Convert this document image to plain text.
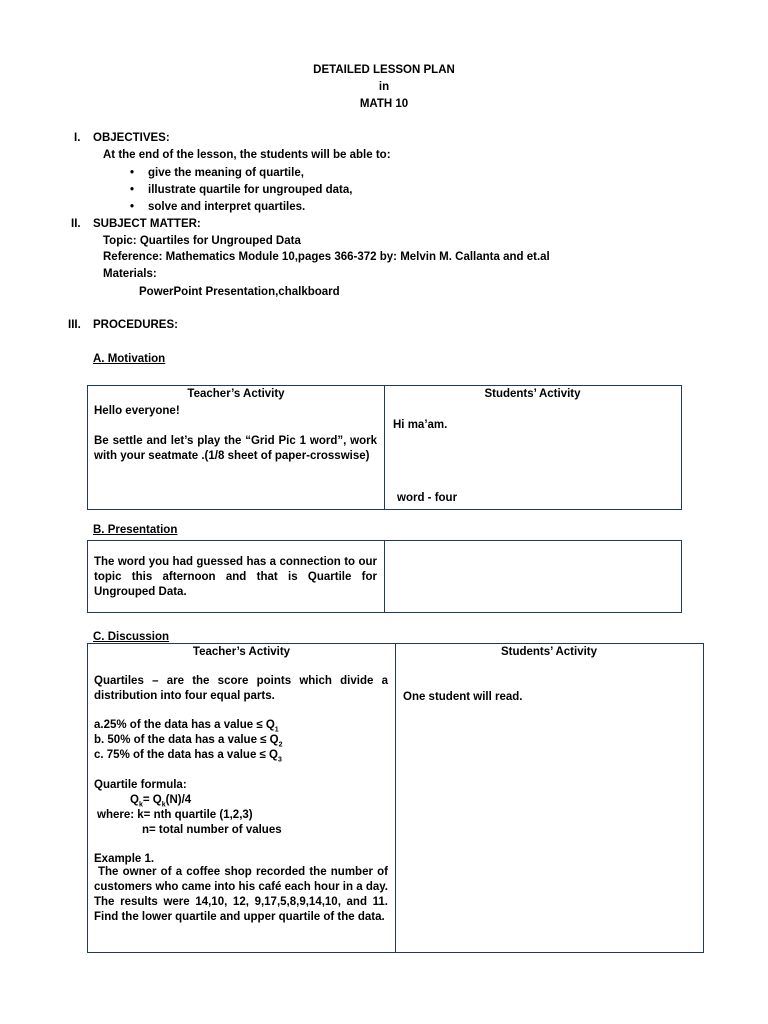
DETAILED LESSON PLAN
in
MATH 10
I. OBJECTIVES:
At the end of the lesson, the students will be able to:
• give the meaning of quartile,
• illustrate quartile for ungrouped data,
• solve and interpret quartiles.
II. SUBJECT MATTER:
Topic: Quartiles for Ungrouped Data
Reference: Mathematics Module 10,pages 366-372 by: Melvin M. Callanta and et.al
Materials:
PowerPoint Presentation,chalkboard
III. PROCEDURES:
A. Motivation
Teacher’s Activity	Students’ Activity
Hello everyone!
Be settle and let’s play the “Grid Pic 1 word”, work with your seatmate .(1/8 sheet of paper-crosswise)
Hi ma’am.
word - four
B. Presentation
The word you had guessed has a connection to our topic this afternoon and that is Quartile for Ungrouped Data.
C. Discussion
Teacher’s Activity	Students’ Activity
Quartiles – are the score points which divide a distribution into four equal parts.
a.25% of the data has a value ≤ $Q_1$
b. 50% of the data has a value ≤ $Q_2$
c. 75% of the data has a value ≤ $Q_3$
Quartile formula:
$Q_k= Q_k(N)/4$
where: k= nth quartile (1,2,3)
n= total number of values
Example 1.
The owner of a coffee shop recorded the number of customers who came into his café each hour in a day. The results were 14,10, 12, 9,17,5,8,9,14,10, and 11. Find the lower quartile and upper quartile of the data.
One student will read.
